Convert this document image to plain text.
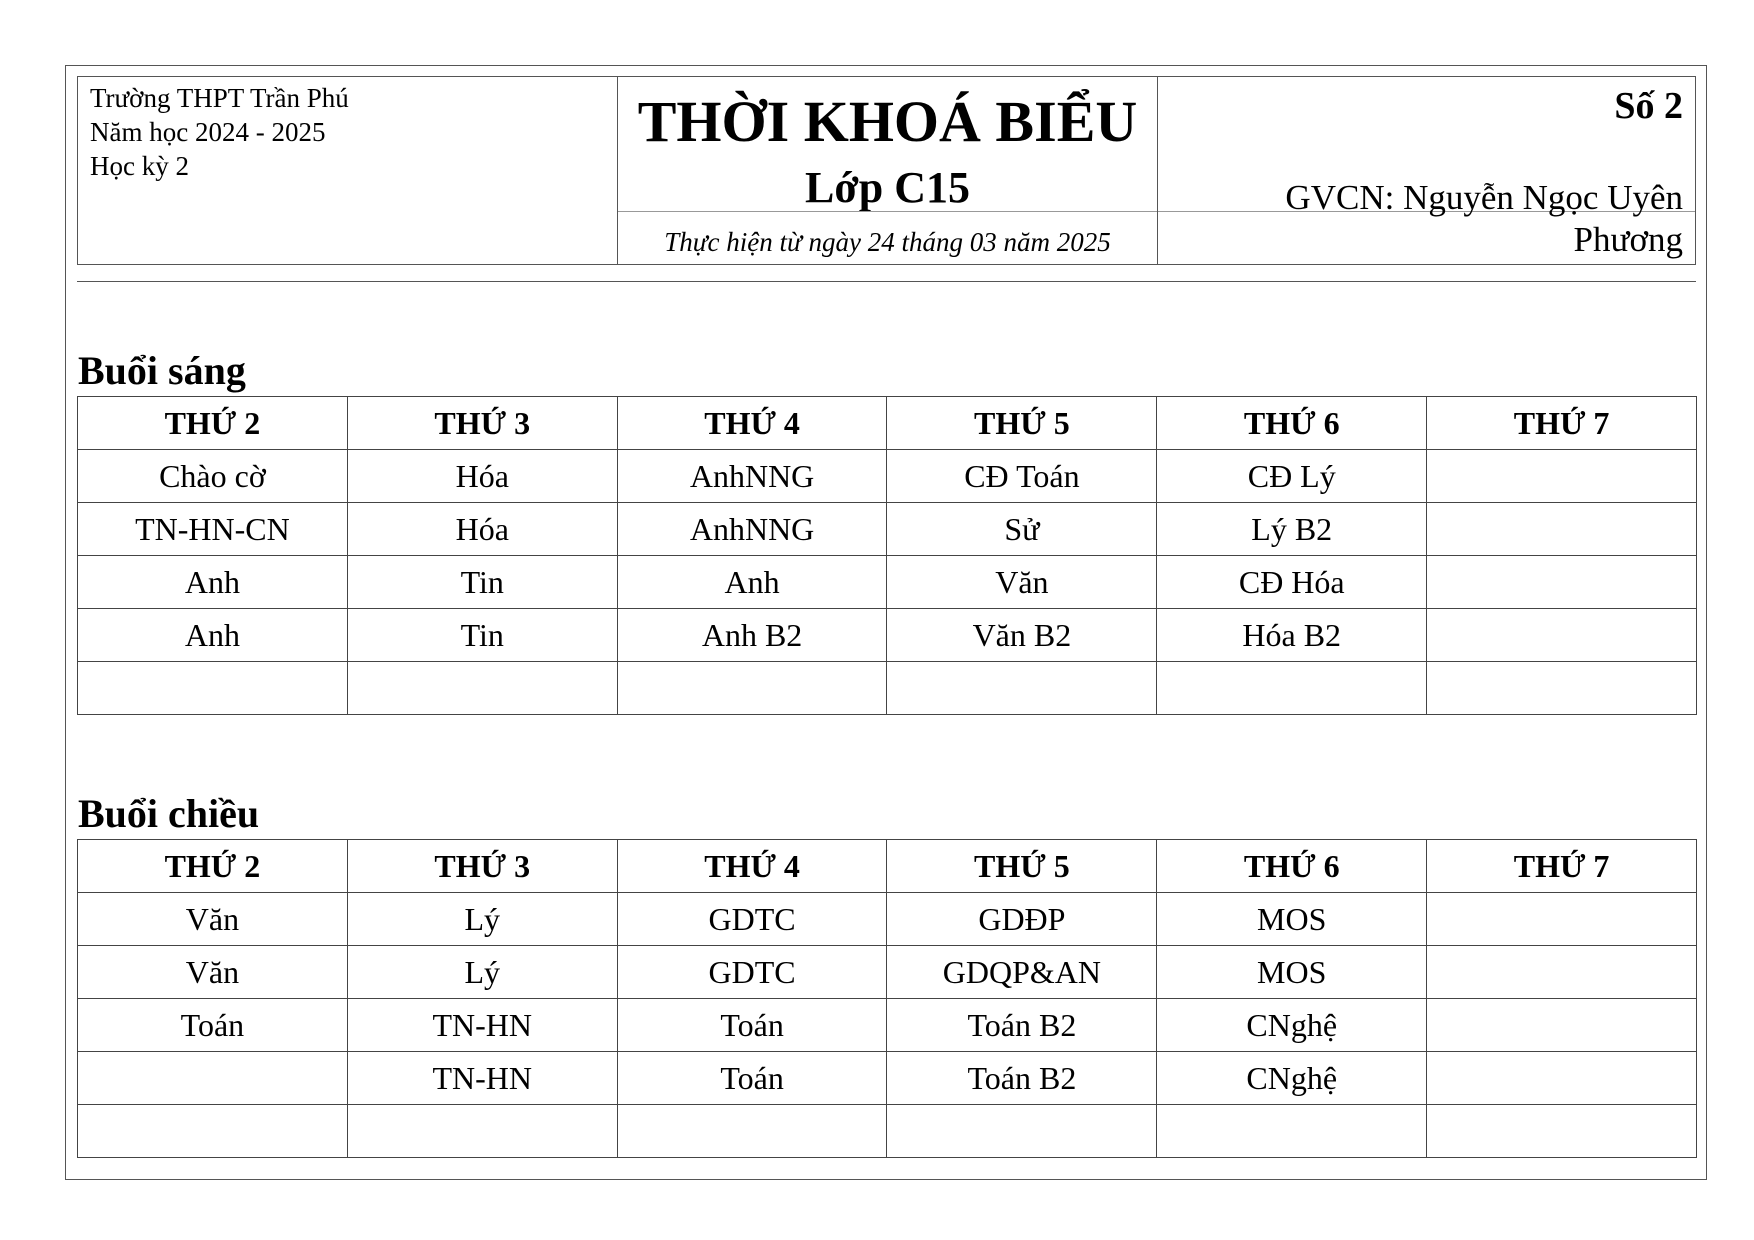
Trường THPT Trần Phú
Năm học 2024 - 2025
Học kỳ 2
THỜI KHOÁ BIỂU
Lớp C15
Thực hiện từ ngày 24 tháng 03 năm 2025
Số 2
GVCN: Nguyễn Ngọc Uyên Phương
Buổi sáng
THỨ 2	THỨ 3	THỨ 4	THỨ 5	THỨ 6	THỨ 7
Chào cờ	Hóa	AnhNNG	CĐ Toán	CĐ Lý	
TN-HN-CN	Hóa	AnhNNG	Sử	Lý B2	
Anh	Tin	Anh	Văn	CĐ Hóa	
Anh	Tin	Anh B2	Văn B2	Hóa B2	

Buổi chiều
THỨ 2	THỨ 3	THỨ 4	THỨ 5	THỨ 6	THỨ 7
Văn	Lý	GDTC	GDĐP	MOS	
Văn	Lý	GDTC	GDQP&AN	MOS	
Toán	TN-HN	Toán	Toán B2	CNghệ	
	TN-HN	Toán	Toán B2	CNghệ	
